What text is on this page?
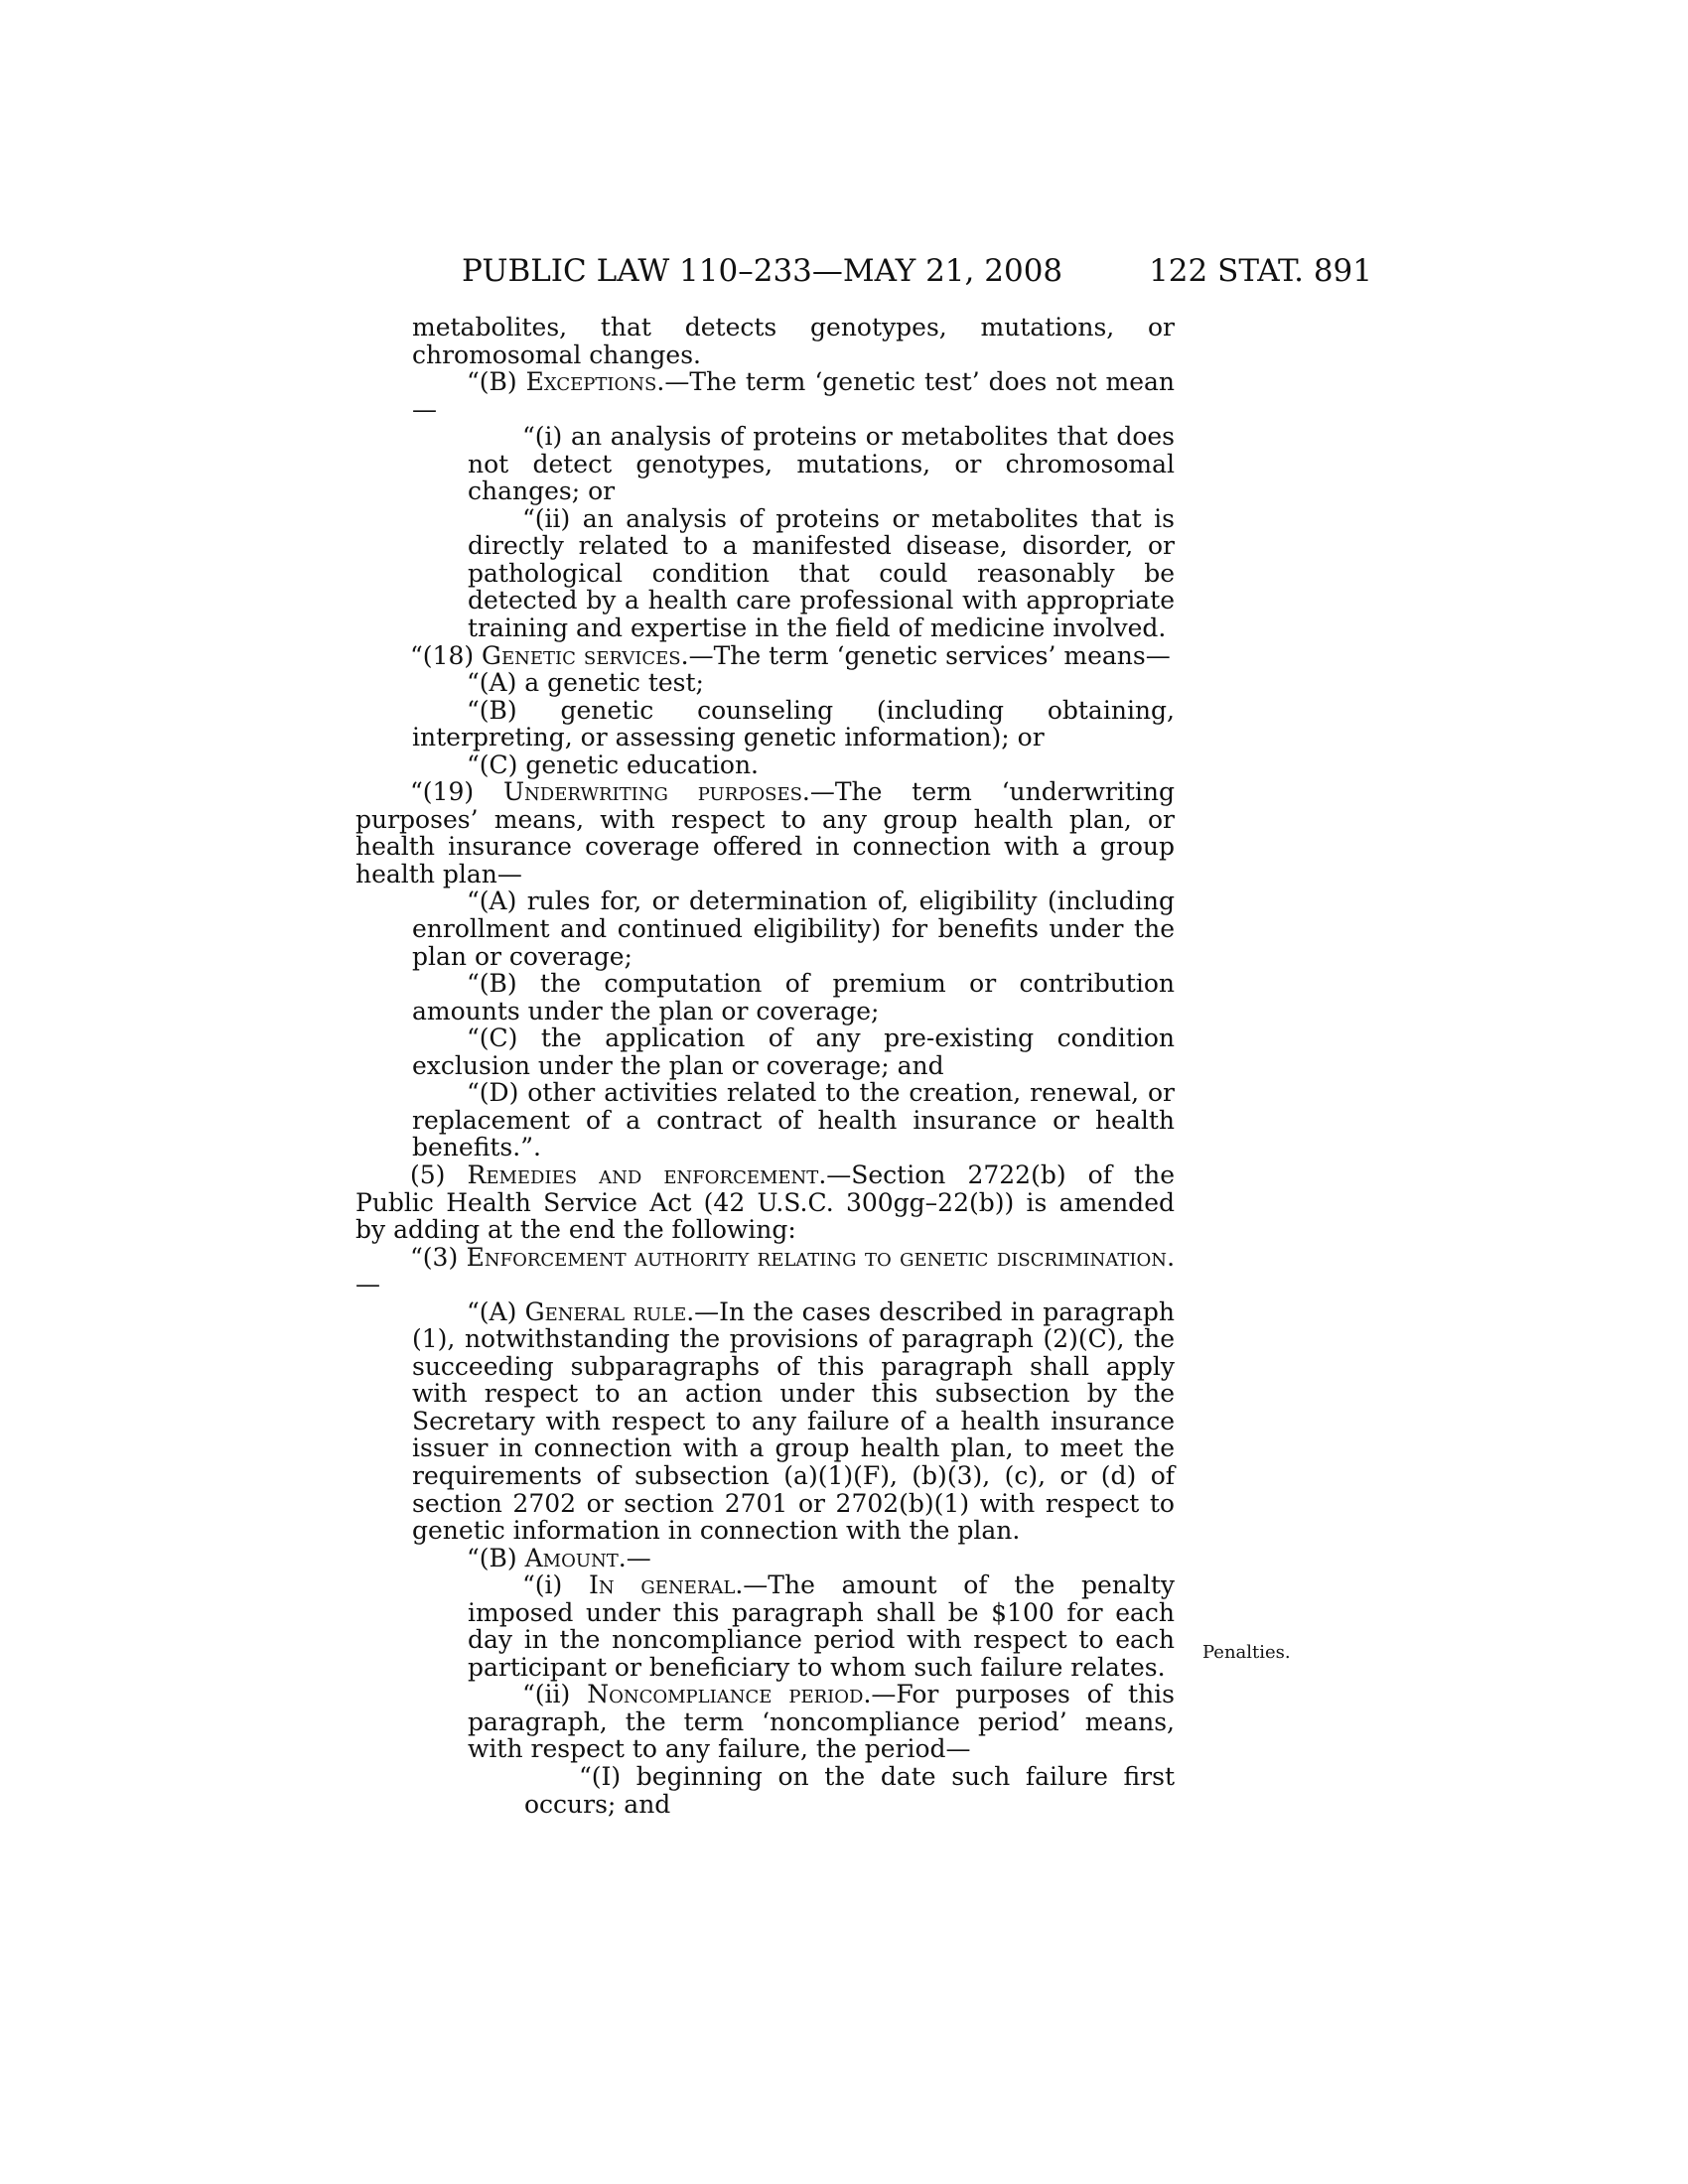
PUBLIC LAW 110–233—MAY 21, 2008	122 STAT. 891
Penalties.

metabolites, that detects genotypes, mutations, or chromosomal changes.

“(B) Exceptions.—The term ‘genetic test’ does not mean—

“(i) an analysis of proteins or metabolites that does not detect genotypes, mutations, or chromosomal changes; or

“(ii) an analysis of proteins or metabolites that is directly related to a manifested disease, disorder, or pathological condition that could reasonably be detected by a health care professional with appropriate training and expertise in the field of medicine involved.

“(18) Genetic services.—The term ‘genetic services’ means—

“(A) a genetic test;

“(B) genetic counseling (including obtaining, interpreting, or assessing genetic information); or

“(C) genetic education.

“(19) Underwriting purposes.—The term ‘underwriting purposes’ means, with respect to any group health plan, or health insurance coverage offered in connection with a group health plan—

“(A) rules for, or determination of, eligibility (including enrollment and continued eligibility) for benefits under the plan or coverage;

“(B) the computation of premium or contribution amounts under the plan or coverage;

“(C) the application of any pre-existing condition exclusion under the plan or coverage; and

“(D) other activities related to the creation, renewal, or replacement of a contract of health insurance or health benefits.”.

(5) Remedies and enforcement.—Section 2722(b) of the Public Health Service Act (42 U.S.C. 300gg–22(b)) is amended by adding at the end the following:

“(3) Enforcement authority relating to genetic discrimination.—

“(A) General rule.—In the cases described in paragraph (1), notwithstanding the provisions of paragraph (2)(C), the succeeding subparagraphs of this paragraph shall apply with respect to an action under this subsection by the Secretary with respect to any failure of a health insurance issuer in connection with a group health plan, to meet the requirements of subsection (a)(1)(F), (b)(3), (c), or (d) of section 2702 or section 2701 or 2702(b)(1) with respect to genetic information in connection with the plan.

“(B) Amount.—

“(i) In general.—The amount of the penalty imposed under this paragraph shall be $100 for each day in the noncompliance period with respect to each participant or beneficiary to whom such failure relates.

“(ii) Noncompliance period.—For purposes of this paragraph, the term ‘noncompliance period’ means, with respect to any failure, the period—

“(I) beginning on the date such failure first occurs; and
